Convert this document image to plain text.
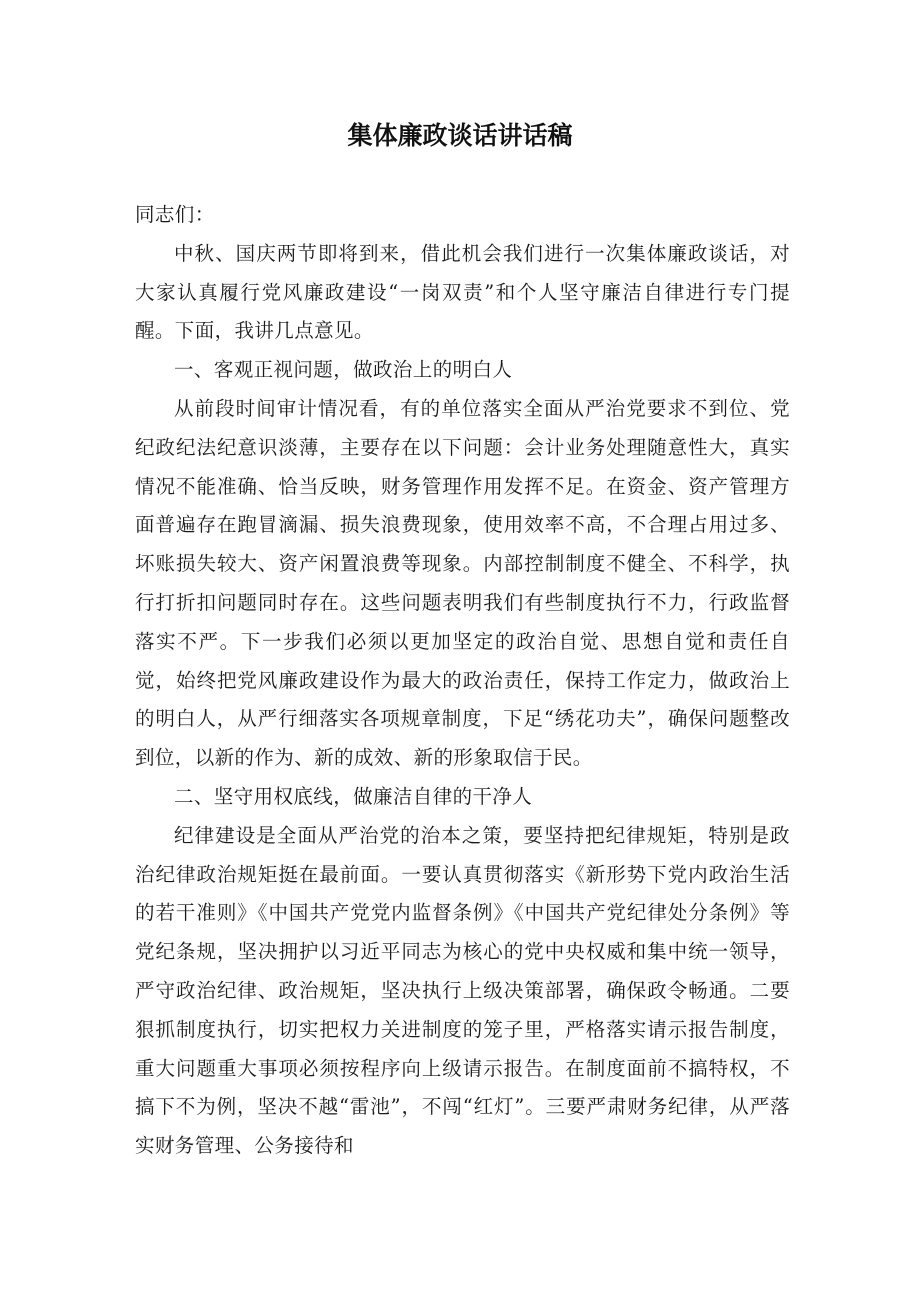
集体廉政谈话讲话稿

同志们：

中秋、国庆两节即将到来，借此机会我们进行一次集体廉政谈话，对大家认真履行党风廉政建设“一岗双责”和个人坚守廉洁自律进行专门提醒。下面，我讲几点意见。

一、客观正视问题，做政治上的明白人

从前段时间审计情况看，有的单位落实全面从严治党要求不到位、党纪政纪法纪意识淡薄，主要存在以下问题：会计业务处理随意性大，真实情况不能准确、恰当反映，财务管理作用发挥不足。在资金、资产管理方面普遍存在跑冒滴漏、损失浪费现象，使用效率不高，不合理占用过多、坏账损失较大、资产闲置浪费等现象。内部控制制度不健全、不科学，执行打折扣问题同时存在。这些问题表明我们有些制度执行不力，行政监督落实不严。下一步我们必须以更加坚定的政治自觉、思想自觉和责任自觉，始终把党风廉政建设作为最大的政治责任，保持工作定力，做政治上的明白人，从严行细落实各项规章制度，下足“绣花功夫”，确保问题整改到位，以新的作为、新的成效、新的形象取信于民。

二、坚守用权底线，做廉洁自律的干净人

纪律建设是全面从严治党的治本之策，要坚持把纪律规矩，特别是政治纪律政治规矩挺在最前面。一要认真贯彻落实《新形势下党内政治生活的若干准则》《中国共产党党内监督条例》《中国共产党纪律处分条例》等党纪条规，坚决拥护以习近平同志为核心的党中央权威和集中统一领导，严守政治纪律、政治规矩，坚决执行上级决策部署，确保政令畅通。二要狠抓制度执行，切实把权力关进制度的笼子里，严格落实请示报告制度，重大问题重大事项必须按程序向上级请示报告。在制度面前不搞特权，不搞下不为例，坚决不越“雷池”，不闯“红灯”。三要严肃财务纪律，从严落实财务管理、公务接待和
